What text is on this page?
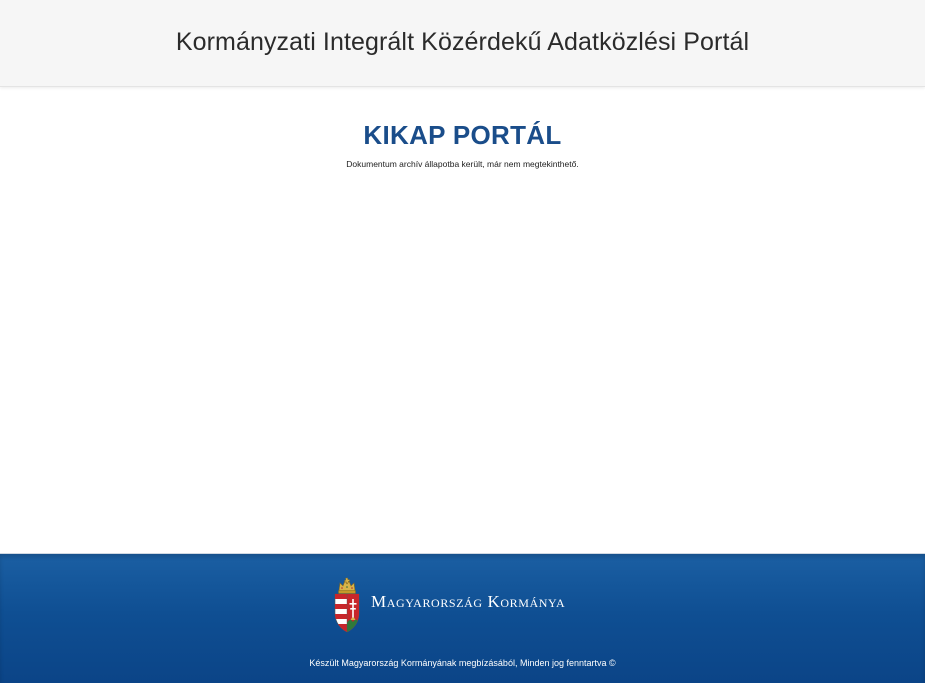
Kormányzati Integrált Közérdekű Adatközlési Portál
KIKAP PORTÁL

Dokumentum archív állapotba került, már nem megtekinthető.

Magyarország Kormánya
Készült Magyarország Kormányának megbízásából, Minden jog fenntartva ©
